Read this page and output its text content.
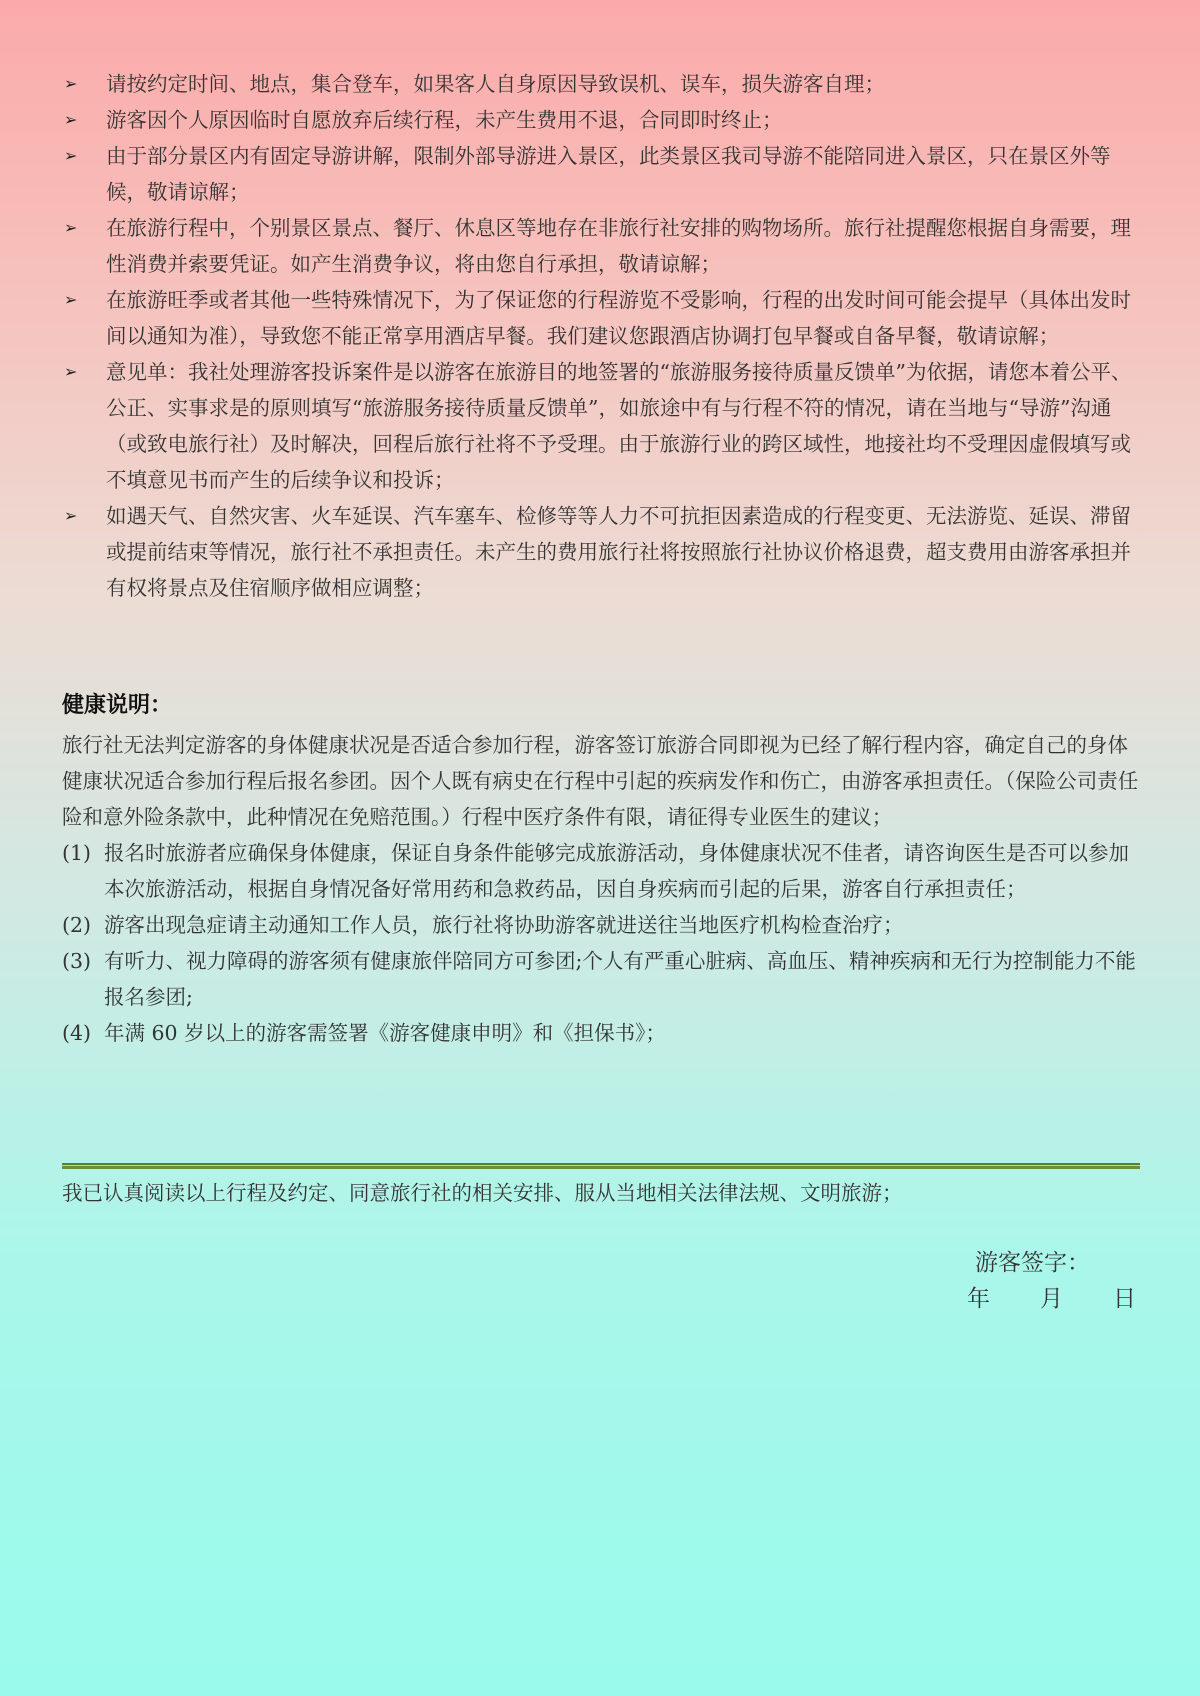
➢	请按约定时间、地点，集合登车，如果客人自身原因导致误机、误车，损失游客自理；
➢	游客因个人原因临时自愿放弃后续行程，未产生费用不退，合同即时终止；
➢	由于部分景区内有固定导游讲解，限制外部导游进入景区，此类景区我司导游不能陪同进入景区，只在景区外等候，敬请谅解；
➢	在旅游行程中，个别景区景点、餐厅、休息区等地存在非旅行社安排的购物场所。旅行社提醒您根据自身需要，理性消费并索要凭证。如产生消费争议，将由您自行承担，敬请谅解；
➢	在旅游旺季或者其他一些特殊情况下，为了保证您的行程游览不受影响，行程的出发时间可能会提早（具体出发时间以通知为准），导致您不能正常享用酒店早餐。我们建议您跟酒店协调打包早餐或自备早餐，敬请谅解；
➢	意见单：我社处理游客投诉案件是以游客在旅游目的地签署的“旅游服务接待质量反馈单”为依据，请您本着公平、公正、实事求是的原则填写“旅游服务接待质量反馈单”，如旅途中有与行程不符的情况，请在当地与“导游”沟通（或致电旅行社）及时解决，回程后旅行社将不予受理。由于旅游行业的跨区域性，地接社均不受理因虚假填写或不填意见书而产生的后续争议和投诉；
➢	如遇天气、自然灾害、火车延误、汽车塞车、检修等等人力不可抗拒因素造成的行程变更、无法游览、延误、滞留或提前结束等情况，旅行社不承担责任。未产生的费用旅行社将按照旅行社协议价格退费，超支费用由游客承担并有权将景点及住宿顺序做相应调整；
健康说明：
旅行社无法判定游客的身体健康状况是否适合参加行程，游客签订旅游合同即视为已经了解行程内容，确定自己的身体健康状况适合参加行程后报名参团。因个人既有病史在行程中引起的疾病发作和伤亡，由游客承担责任。（保险公司责任险和意外险条款中，此种情况在免赔范围。）行程中医疗条件有限，请征得专业医生的建议；
(1) 报名时旅游者应确保身体健康，保证自身条件能够完成旅游活动，身体健康状况不佳者，请咨询医生是否可以参加本次旅游活动，根据自身情况备好常用药和急救药品，因自身疾病而引起的后果，游客自行承担责任；
(2) 游客出现急症请主动通知工作人员，旅行社将协助游客就进送往当地医疗机构检查治疗；
(3) 有听力、视力障碍的游客须有健康旅伴陪同方可参团;个人有严重心脏病、高血压、精神疾病和无行为控制能力不能报名参团;
(4) 年满 60 岁以上的游客需签署《游客健康申明》和《担保书》；
我已认真阅读以上行程及约定、同意旅行社的相关安排、服从当地相关法律法规、文明旅游；
游客签字：
年 月 日
